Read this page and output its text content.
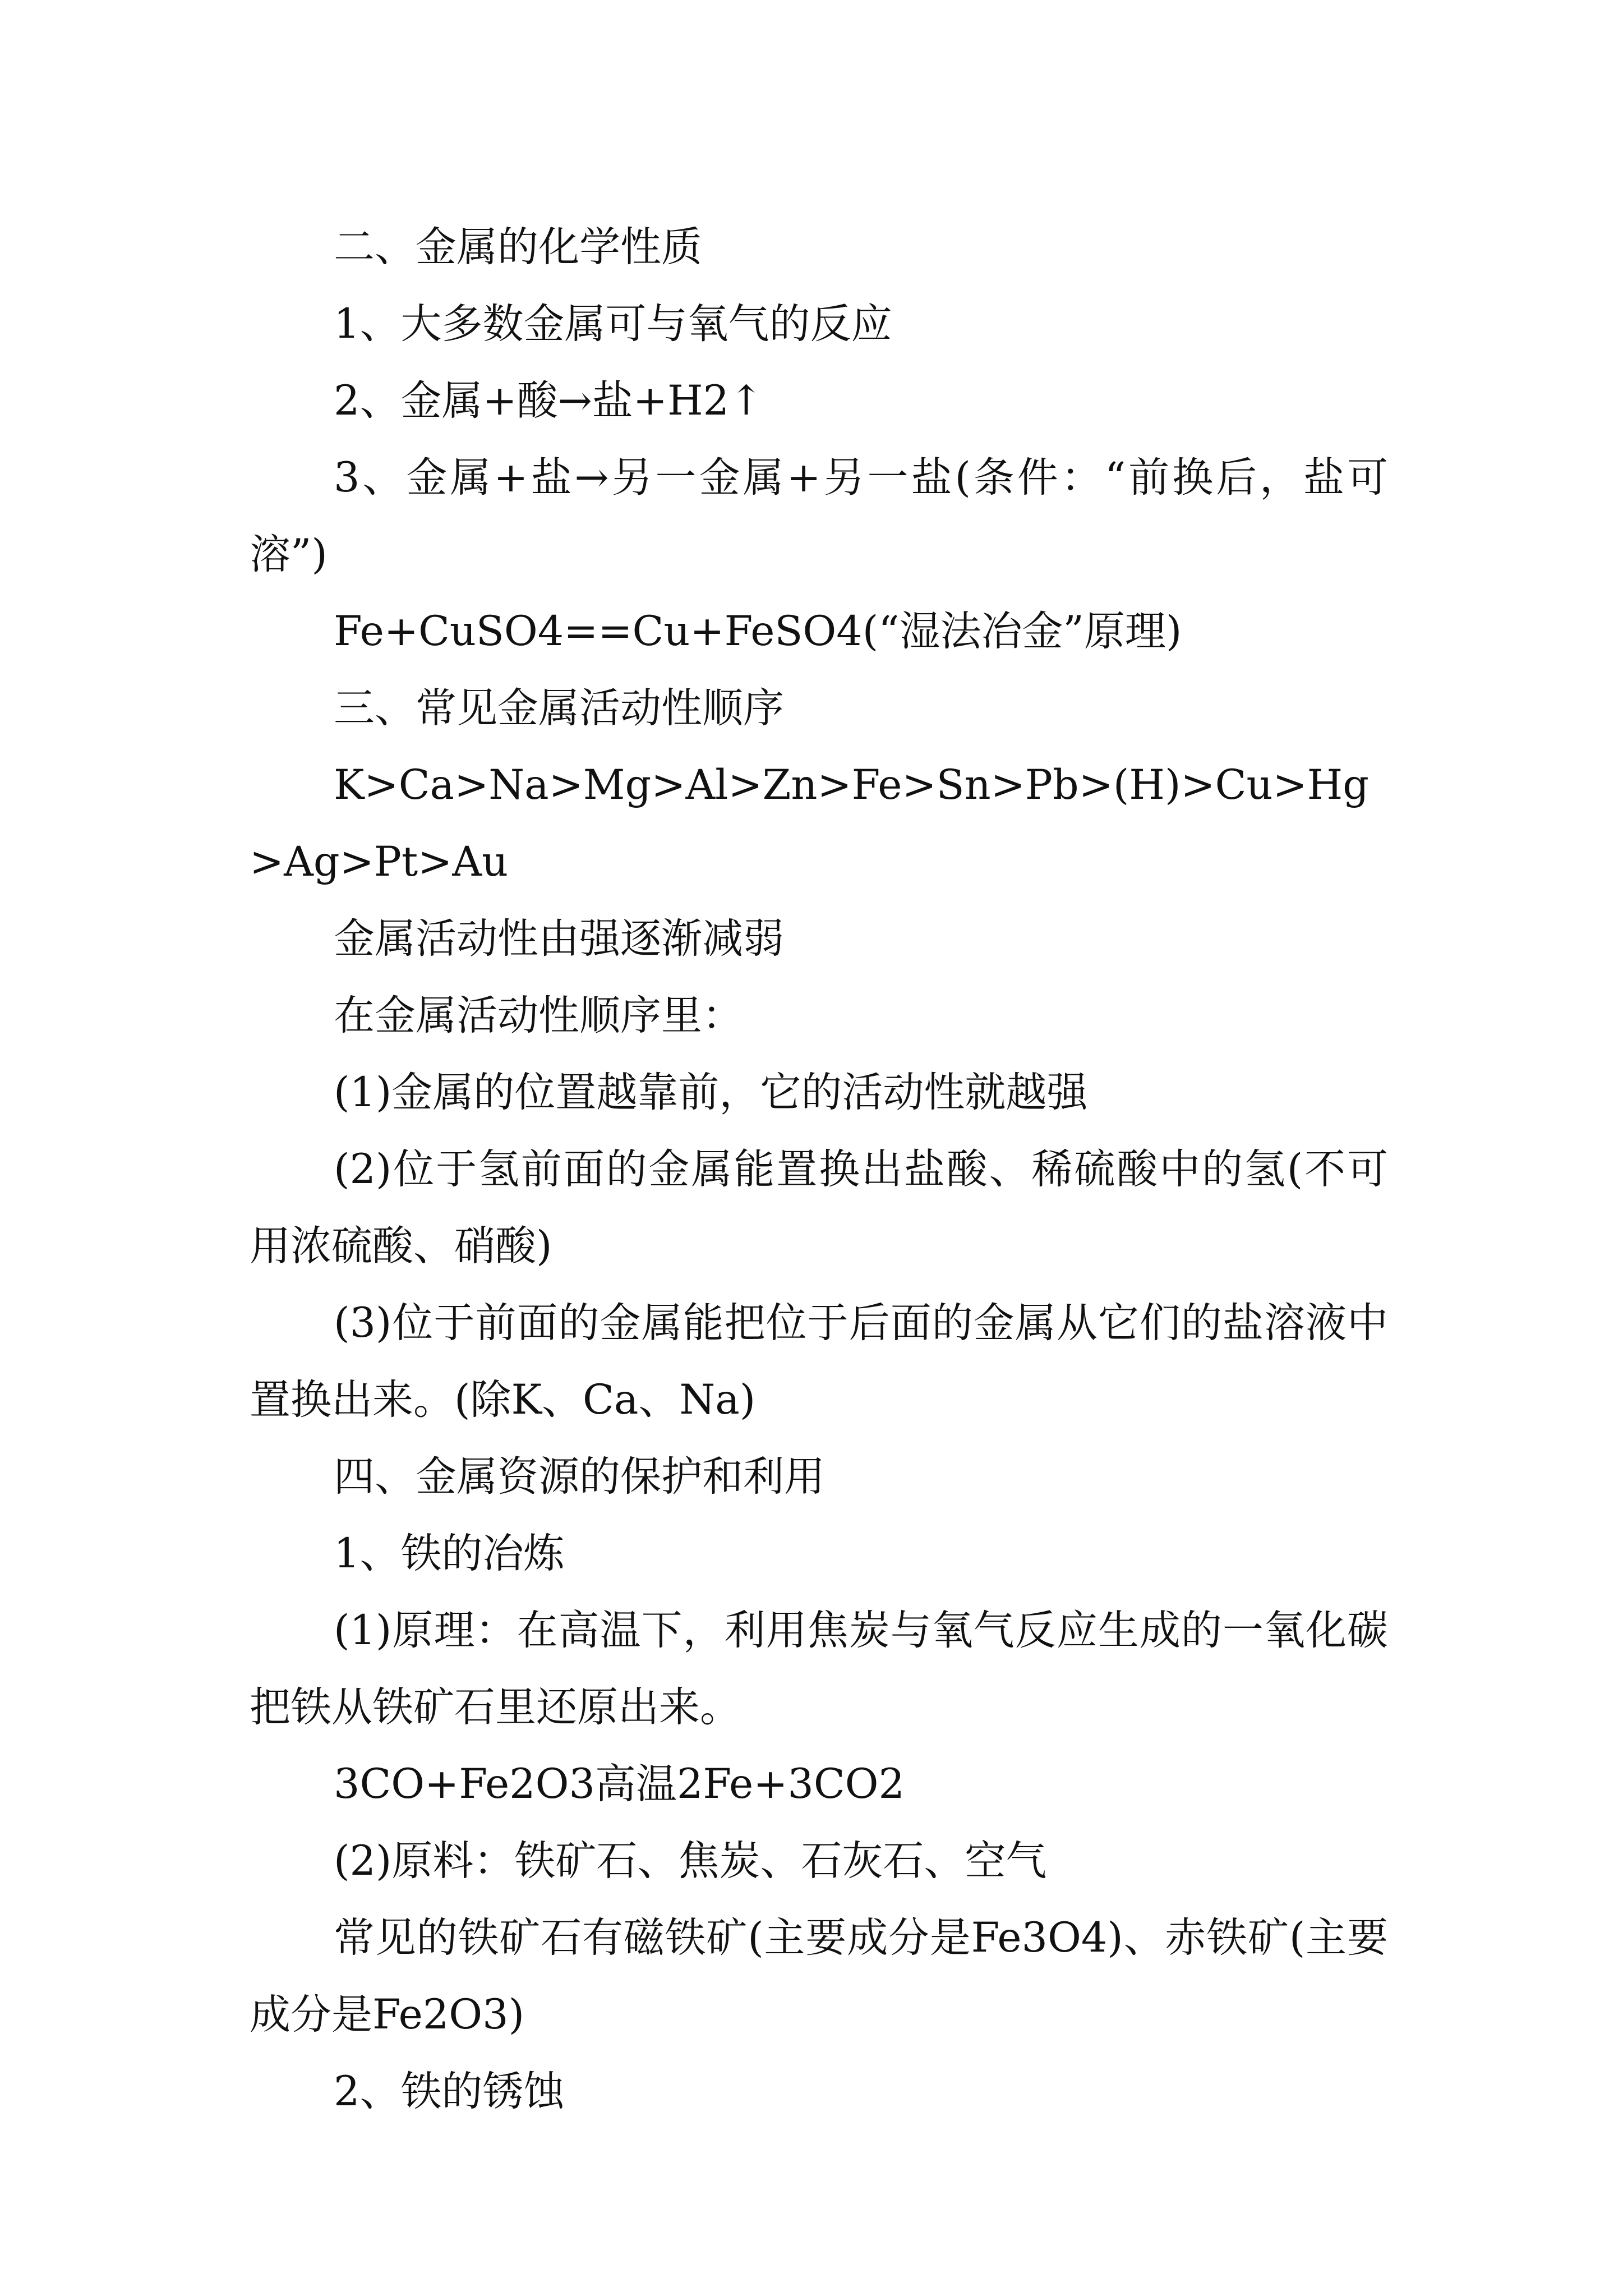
二、金属的化学性质

1、大多数金属可与氧气的反应

2、金属+酸→盐+H2↑

3、金属+盐→另一金属+另一盐(条件：“前换后，盐可溶”)

Fe+CuSO4==Cu+FeSO4(“湿法冶金”原理)

三、常见金属活动性顺序

K>Ca>Na>Mg>Al>Zn>Fe>Sn>Pb>(H)>Cu>Hg>Ag>Pt>Au

金属活动性由强逐渐减弱

在金属活动性顺序里：

(1)金属的位置越靠前，它的活动性就越强

(2)位于氢前面的金属能置换出盐酸、稀硫酸中的氢(不可用浓硫酸、硝酸)

(3)位于前面的金属能把位于后面的金属从它们的盐溶液中置换出来。(除K、Ca、Na)

四、金属资源的保护和利用

1、铁的冶炼

(1)原理：在高温下，利用焦炭与氧气反应生成的一氧化碳把铁从铁矿石里还原出来。

3CO+Fe2O3高温2Fe+3CO2

(2)原料：铁矿石、焦炭、石灰石、空气

常见的铁矿石有磁铁矿(主要成分是Fe3O4)、赤铁矿(主要成分是Fe2O3)

2、铁的锈蚀
